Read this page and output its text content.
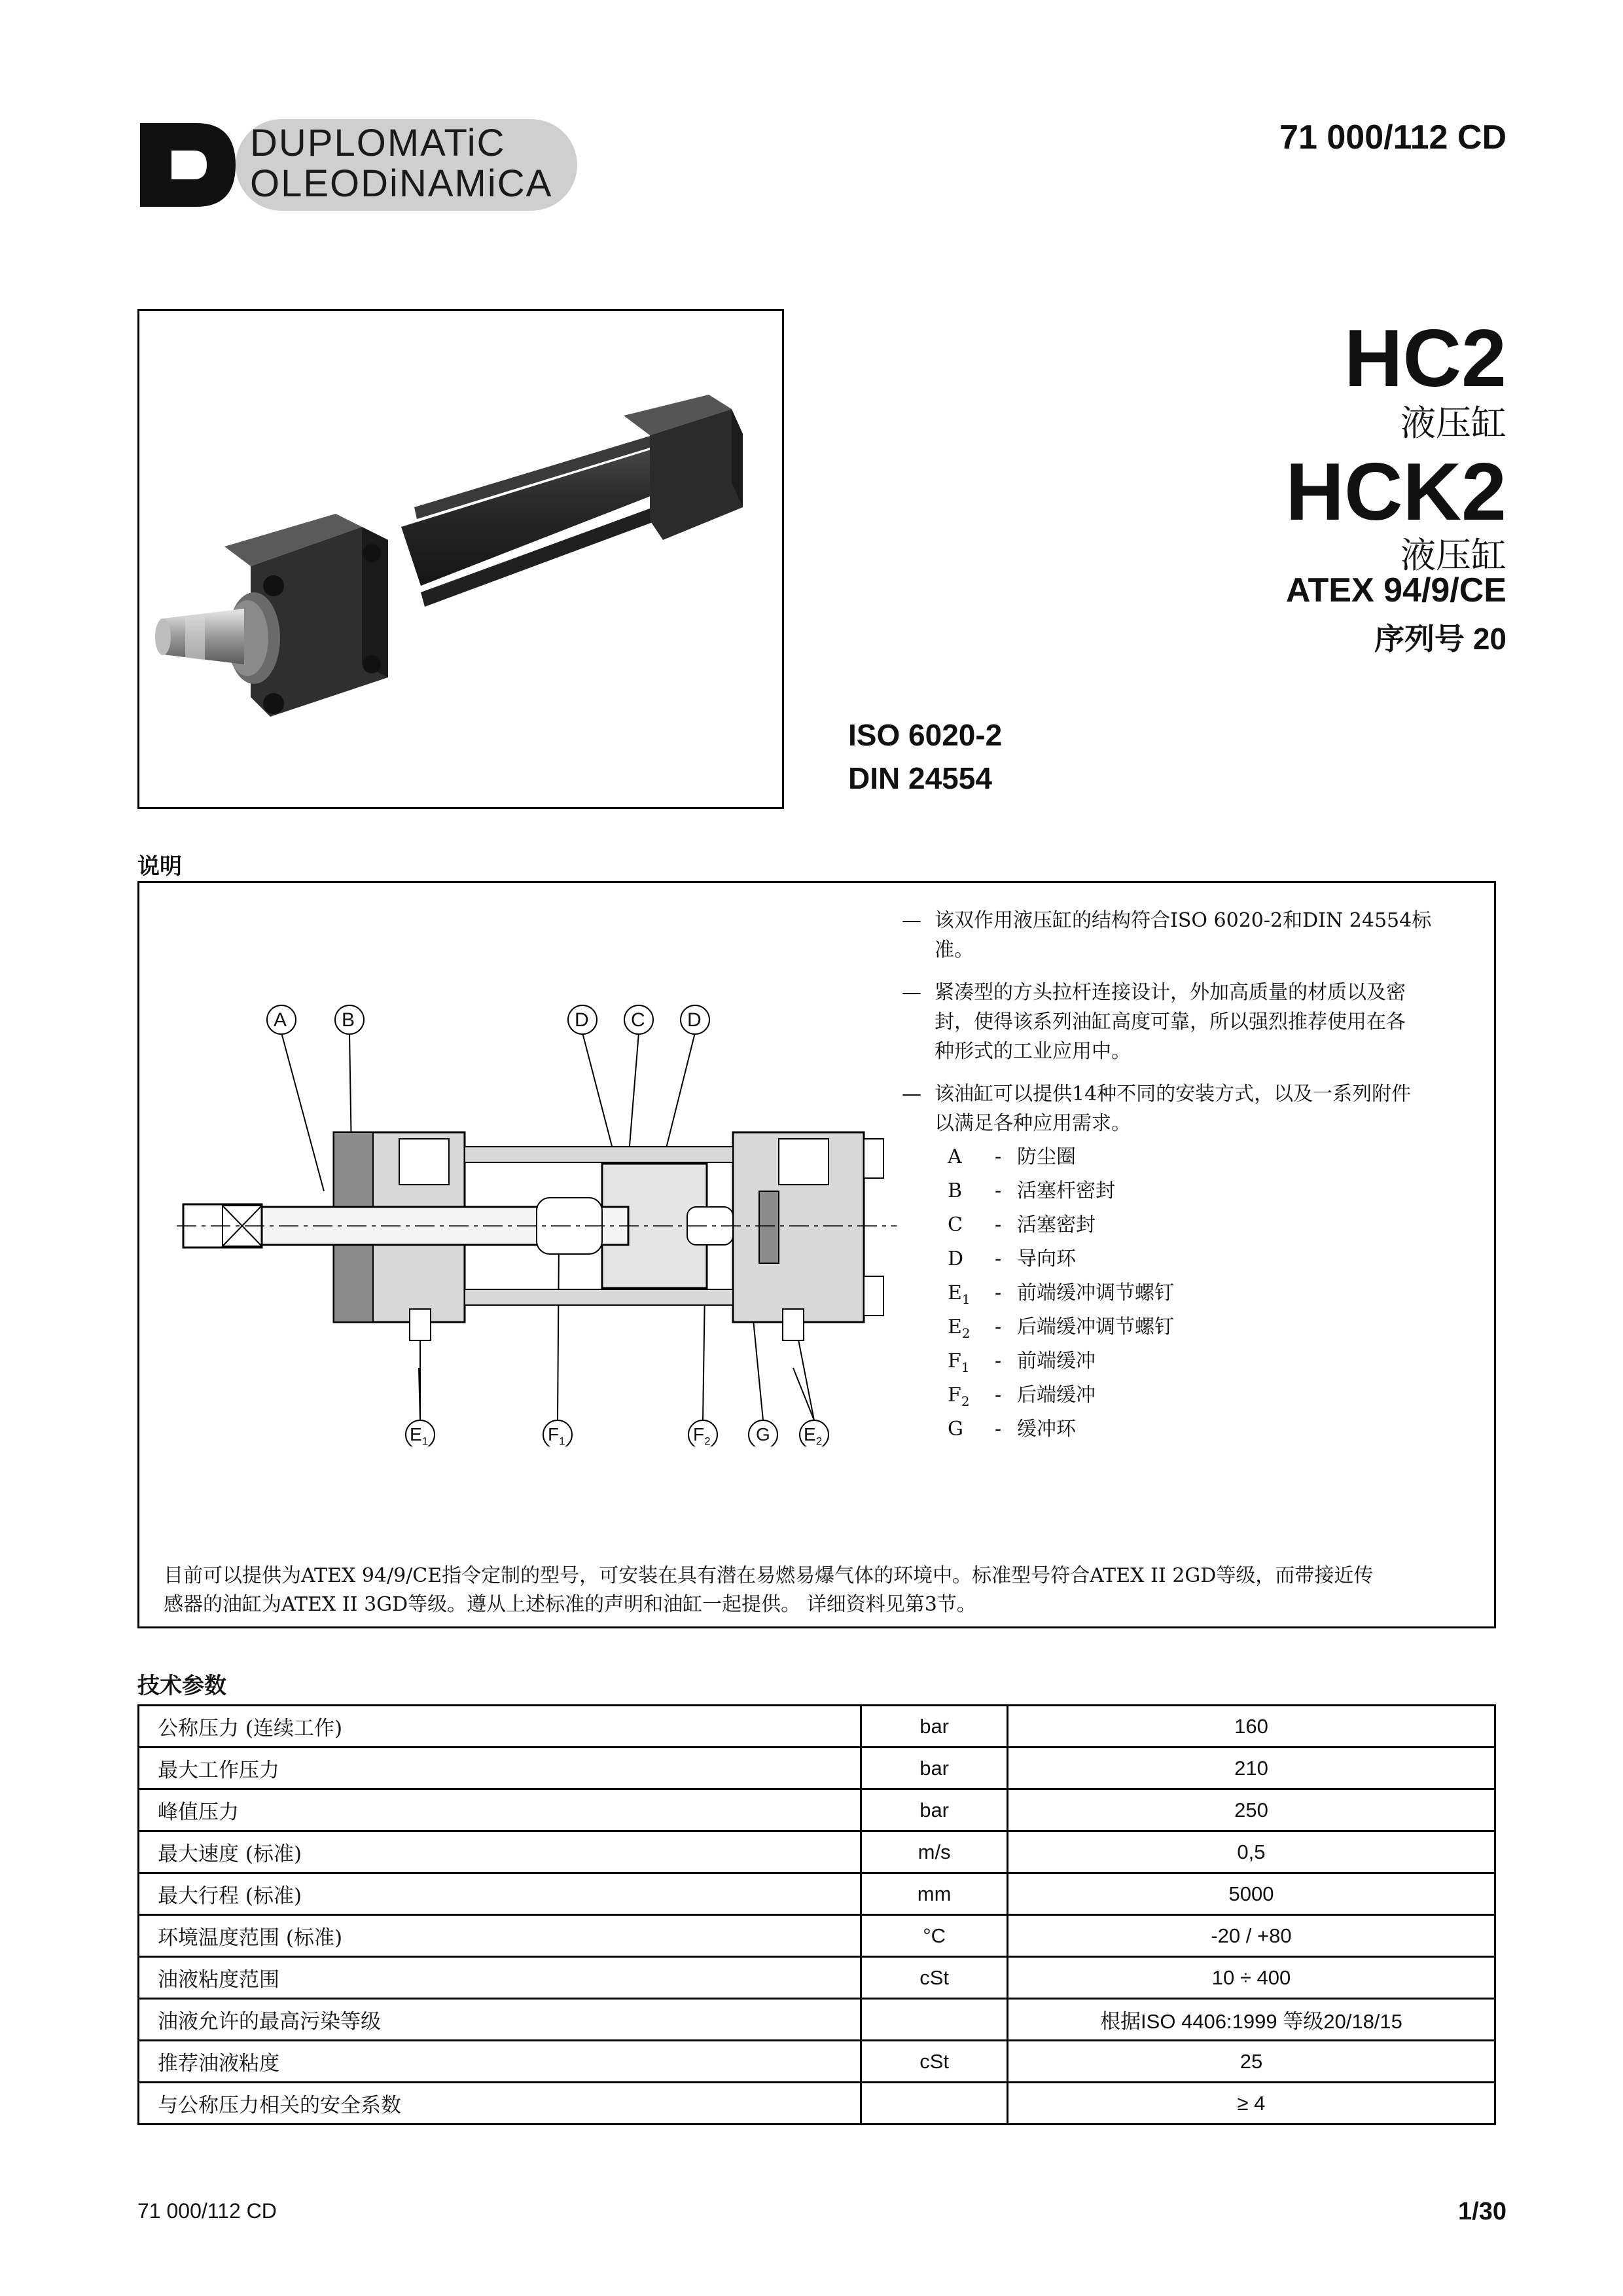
DUPLOMATiC
OLEODiNAMiCA
71 000/112 CD
HC2
液压缸
HCK2
液压缸
ATEX 94/9/CE
序列号 20
ISO 6020-2
DIN 24554
说明
— 该双作用液压缸的结构符合ISO 6020-2和DIN 24554标
准。
— 紧凑型的方头拉杆连接设计，外加高质量的材质以及密
封，使得该系列油缸高度可靠，所以强烈推荐使用在各
种形式的工业应用中。
— 该油缸可以提供14种不同的安装方式，以及一系列附件
以满足各种应用需求。
A - 防尘圈
B - 活塞杆密封
C - 活塞密封
D - 导向环
$E_1$ - 前端缓冲调节螺钉
$E_2$ - 后端缓冲调节螺钉
$F_1$ - 前端缓冲
$F_2$ - 后端缓冲
G - 缓冲环
A	B	D C D
$E_1$	$F_1$	$F_2$ G $E_2$
目前可以提供为ATEX 94/9/CE指令定制的型号，可安装在具有潜在易燃易爆气体的环境中。标准型号符合ATEX II 2GD等级，而带接近传
感器的油缸为ATEX II 3GD等级。遵从上述标准的声明和油缸一起提供。 详细资料见第3节。
技术参数
公称压力 (连续工作)	bar	160
最大工作压力	bar	210
峰值压力	bar	250
最大速度 (标准)	m/s	0,5
最大行程 (标准)	mm	5000
环境温度范围 (标准)	°C	-20 / +80
油液粘度范围	cSt	10 ÷ 400
油液允许的最高污染等级		根据ISO 4406:1999 等级20/18/15
推荐油液粘度	cSt	25
与公称压力相关的安全系数		≥ 4
71 000/112 CD	1/30
